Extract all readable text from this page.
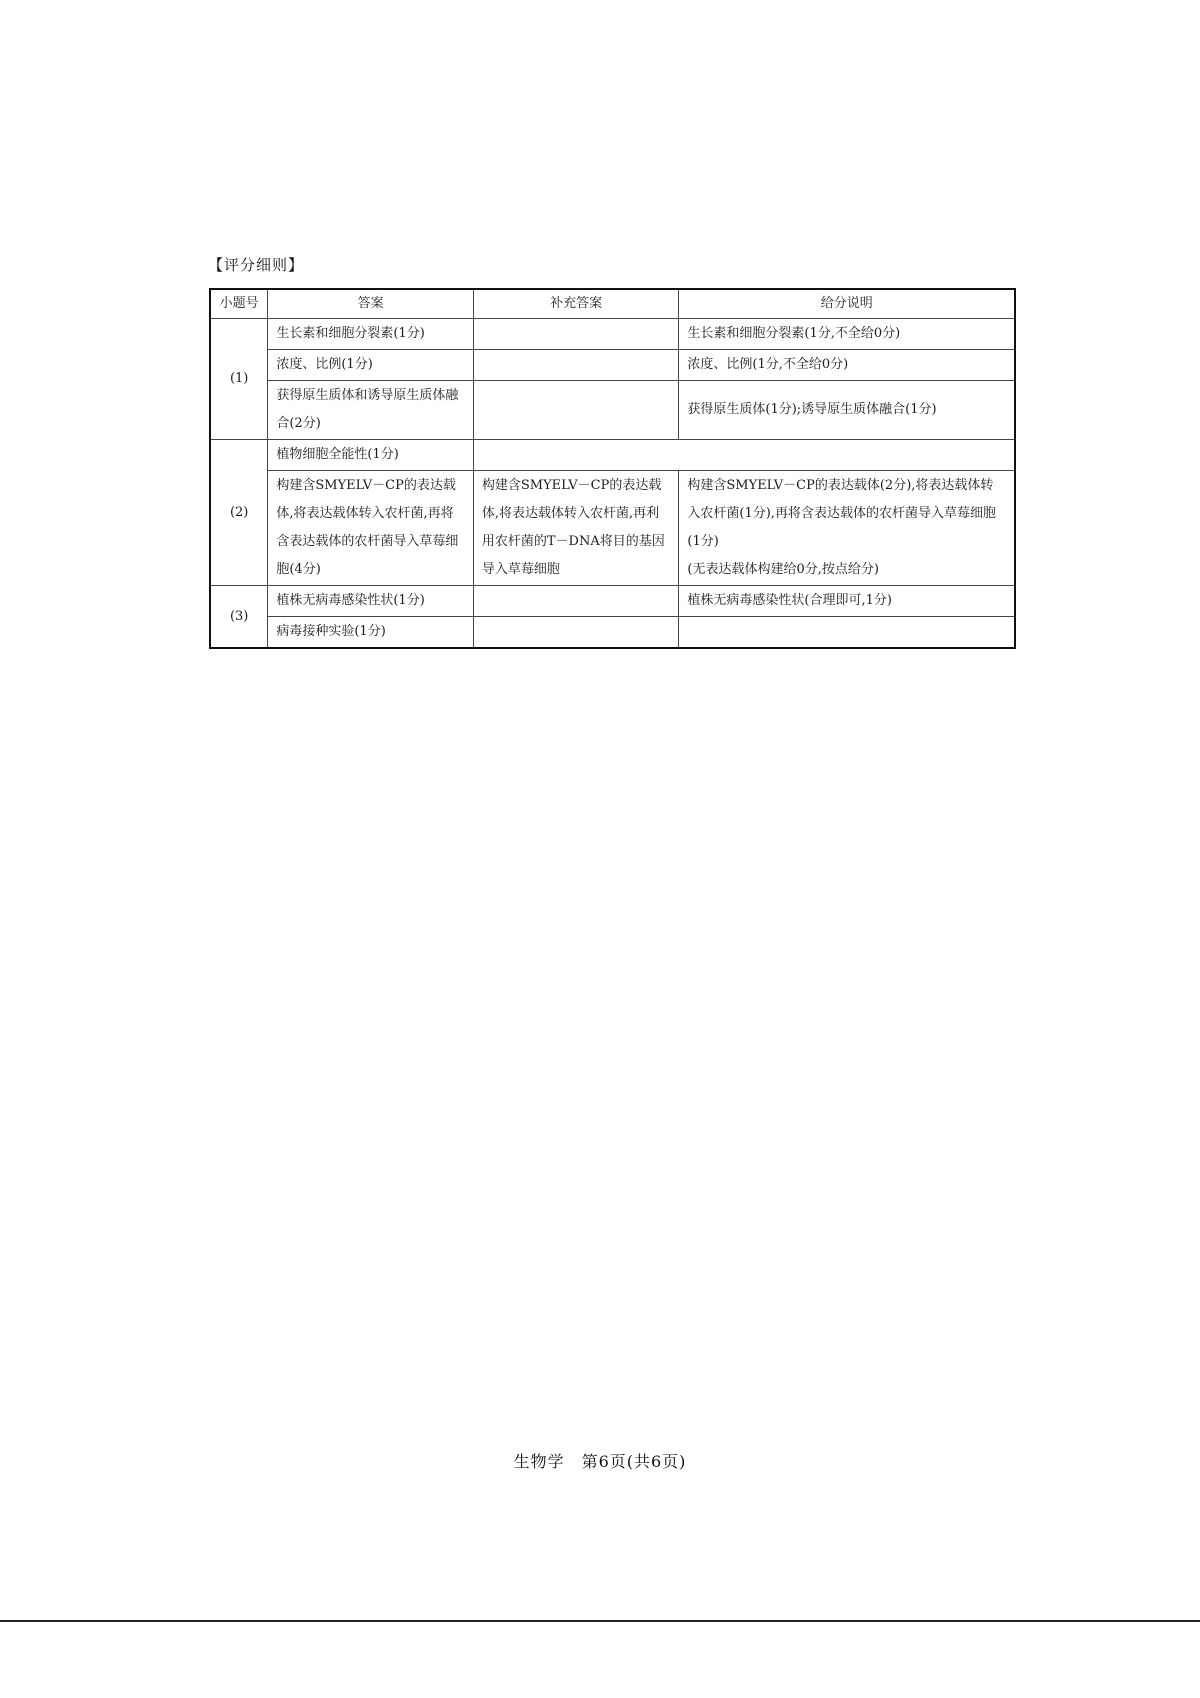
【评分细则】
小题号	答案	补充答案	给分说明
(1)	生长素和细胞分裂素(1分)		生长素和细胞分裂素(1分,不全给0分)
	浓度、比例(1分)		浓度、比例(1分,不全给0分)
	获得原生质体和诱导原生质体融合(2分)		获得原生质体(1分);诱导原生质体融合(1分)
(2)	植物细胞全能性(1分)		
	构建含SMYELV－CP的表达载体,将表达载体转入农杆菌,再将含表达载体的农杆菌导入草莓细胞(4分)	构建含SMYELV－CP的表达载体,将表达载体转入农杆菌,再利用农杆菌的T－DNA将目的基因导入草莓细胞	构建含SMYELV－CP的表达载体(2分),将表达载体转入农杆菌(1分),再将含表达载体的农杆菌导入草莓细胞(1分)
(无表达载体构建给0分,按点给分)
(3)	植株无病毒感染性状(1分)		植株无病毒感染性状(合理即可,1分)
	病毒接种实验(1分)		
生物学　第6页(共6页)
